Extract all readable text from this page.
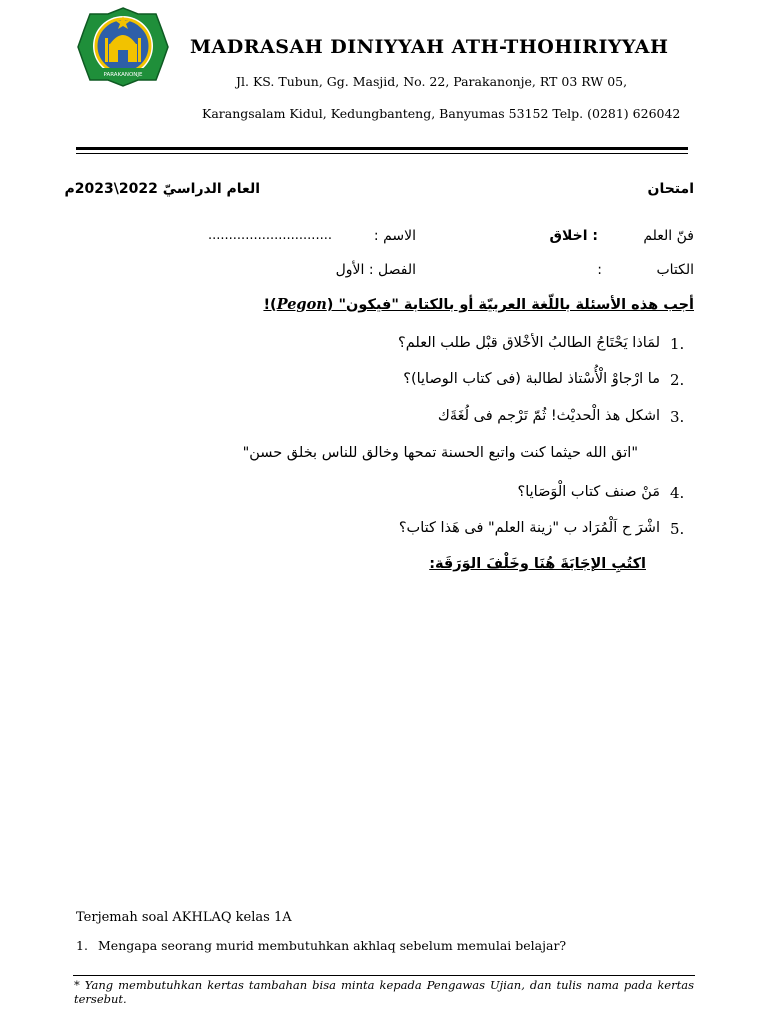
PARAKANONJE
MADRASAH DINIYYAH ATH-THOHIRIYYAH
Jl. KS. Tubun, Gg. Masjid, No. 22, Parakanonje, RT 03 RW 05,
Karangsalam Kidul, Kedungbanteng, Banyumas 53152 Telp. (0281) 626042
امتحان
العام الدراسيّ 2022\2023م
فنّ العلم
: اخلاق
الاسم :
..............................
الكتاب
:
الفصل : الأول
أجب هذه الأسئلة باللّغة العربيّة أو بالكتابة "فيكون" (Pegon)!
1.
لمَاذا يَحْتَاجُ الطالبُ الأخْلاق قبْل طلب العلم؟
2.
ما ارْجاوْ الْأُسْتاذ لطالبة (فى كتاب الوصايا)؟
3.
اشكل هذ الْحديْث! ثُمّ تَرْجم فى لُغَةَك
"اتق الله حيثما كنت واتبع الحسنة تمحها وخالق للناس بخلق حسن"
4.
مَنْ صنف كتاب الْوَصَايا؟
5.
اشْرَ ح اَلْمُرَاد ب "زينة العلم" فى هَذا كتاب؟
اكتُبِ الإجَابَةَ هُنَا وخَلْفَ الوَرَقَة:
Terjemah soal AKHLAQ kelas 1A
1. Mengapa seorang murid membutuhkan akhlaq sebelum memulai belajar?
* Yang membutuhkan kertas tambahan bisa minta kepada Pengawas Ujian, dan tulis nama pada kertas tersebut.
